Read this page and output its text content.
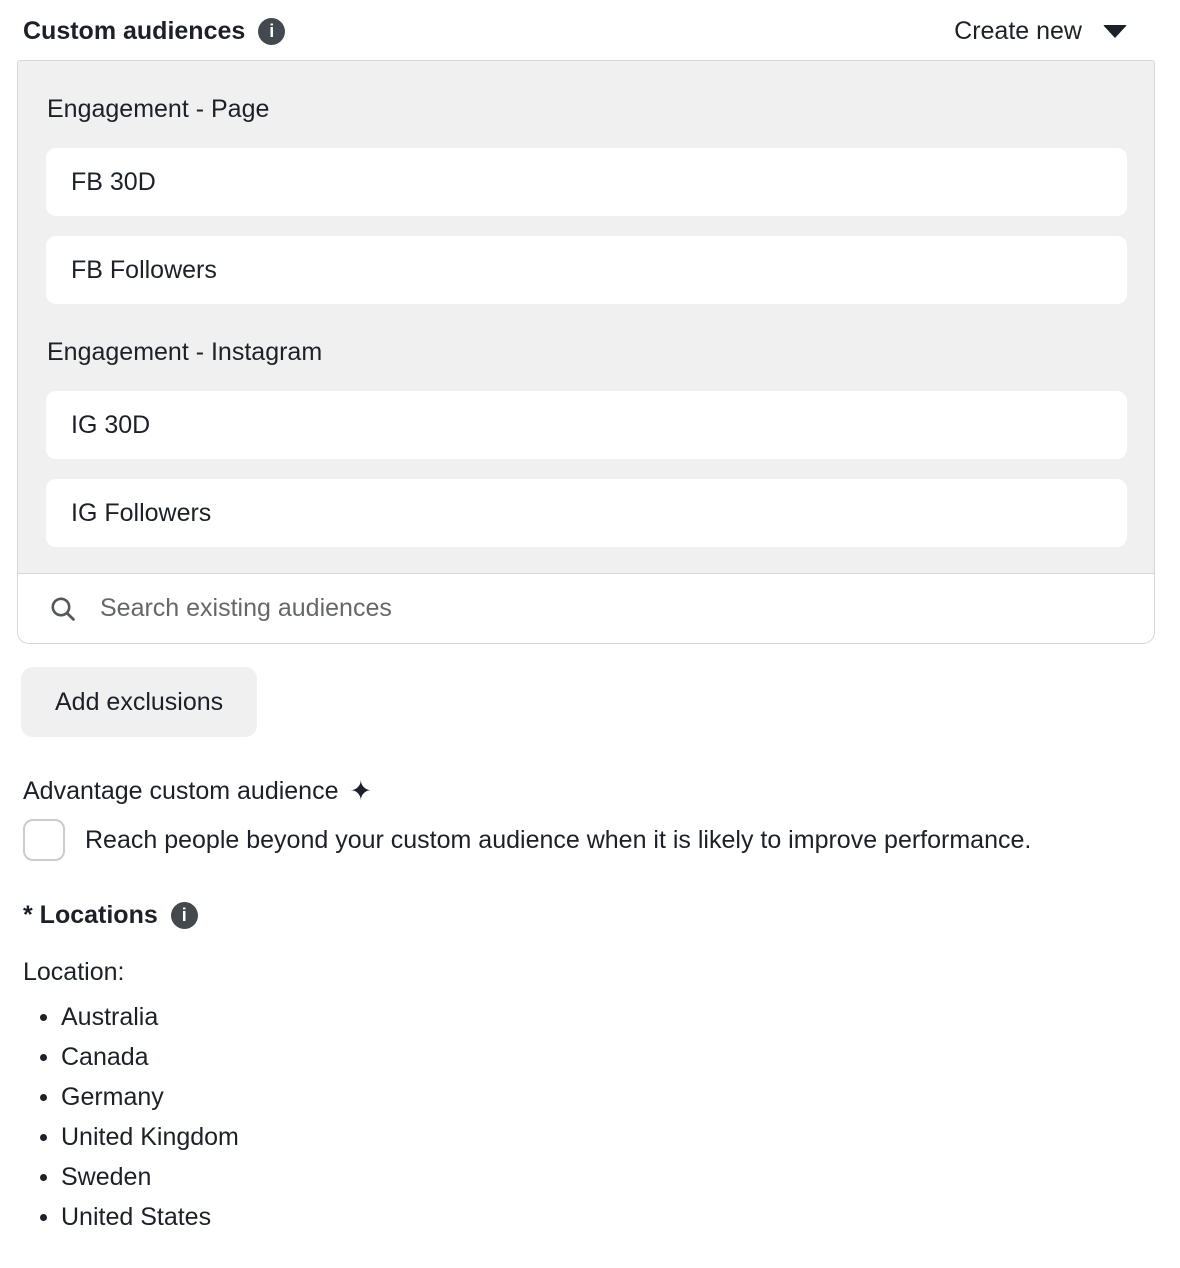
Custom audiences i	Create new
Engagement - Page
FB 30D
FB Followers
Engagement - Instagram
IG 30D
IG Followers
Search existing audiences
Add exclusions
Advantage custom audience ✦
Reach people beyond your custom audience when it is likely to improve performance.
* Locations i
Location:
Australia
Canada
Germany
United Kingdom
Sweden
United States
